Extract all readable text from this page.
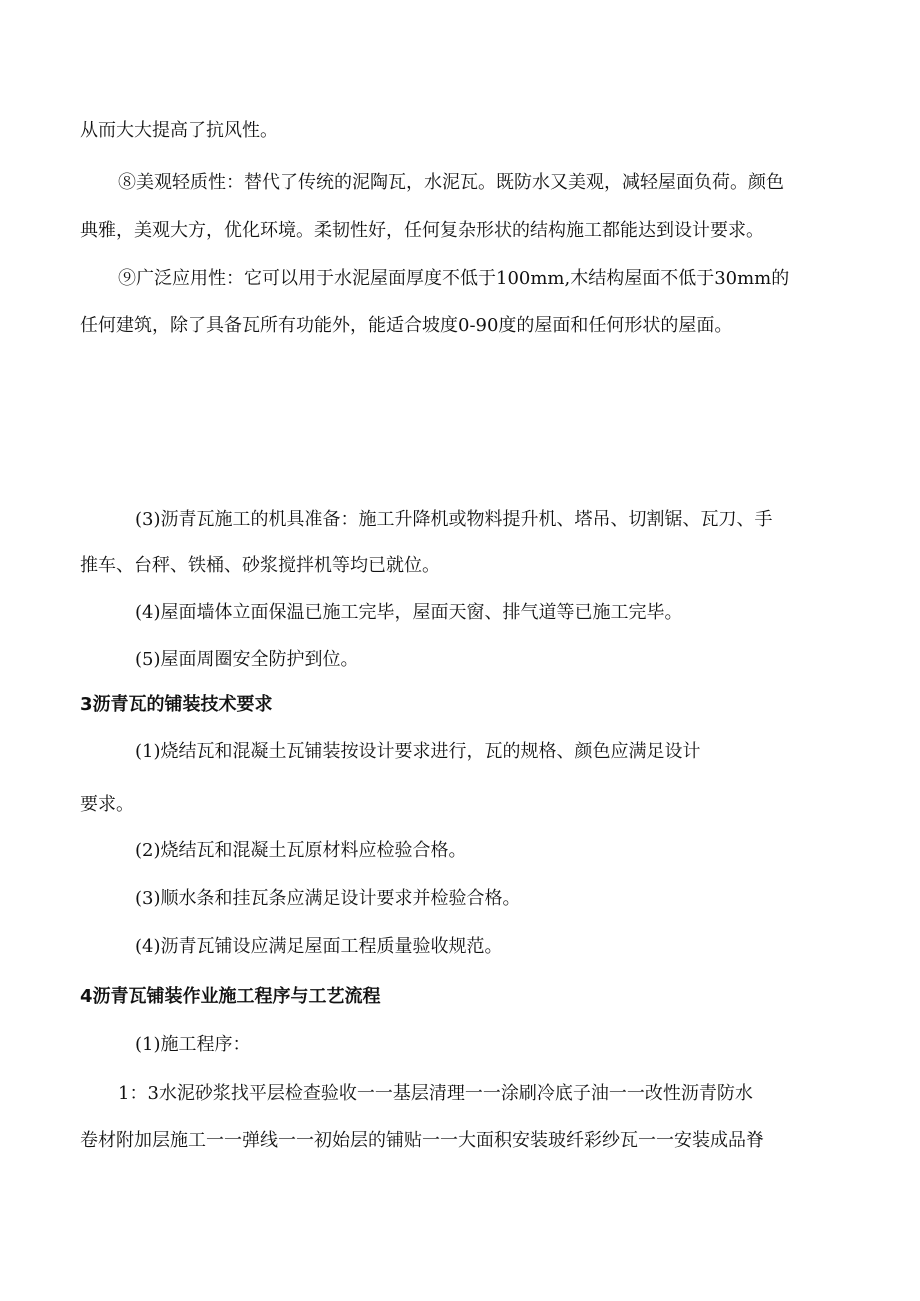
从而大大提高了抗风性。
⑧美观轻质性：替代了传统的泥陶瓦，水泥瓦。既防水又美观，减轻屋面负荷。颜色
典雅，美观大方，优化环境。柔韧性好，任何复杂形状的结构施工都能达到设计要求。
⑨广泛应用性：它可以用于水泥屋面厚度不低于100mm,木结构屋面不低于30mm的
任何建筑，除了具备瓦所有功能外，能适合坡度0-90度的屋面和任何形状的屋面。
(3)沥青瓦施工的机具准备：施工升降机或物料提升机、塔吊、切割锯、瓦刀、手
推车、台秤、铁桶、砂浆搅拌机等均已就位。
(4)屋面墙体立面保温已施工完毕，屋面天窗、排气道等已施工完毕。
(5)屋面周圈安全防护到位。
3沥青瓦的铺装技术要求
(1)烧结瓦和混凝土瓦铺装按设计要求进行，瓦的规格、颜色应满足设计
要求。
(2)烧结瓦和混凝土瓦原材料应检验合格。
(3)顺水条和挂瓦条应满足设计要求并检验合格。
(4)沥青瓦铺设应满足屋面工程质量验收规范。
4沥青瓦铺装作业施工程序与工艺流程
(1)施工程序：
1：3水泥砂浆找平层检查验收一一基层清理一一涂刷冷底子油一一改性沥青防水
卷材附加层施工一一弹线一一初始层的铺贴一一大面积安装玻纤彩纱瓦一一安装成品脊
